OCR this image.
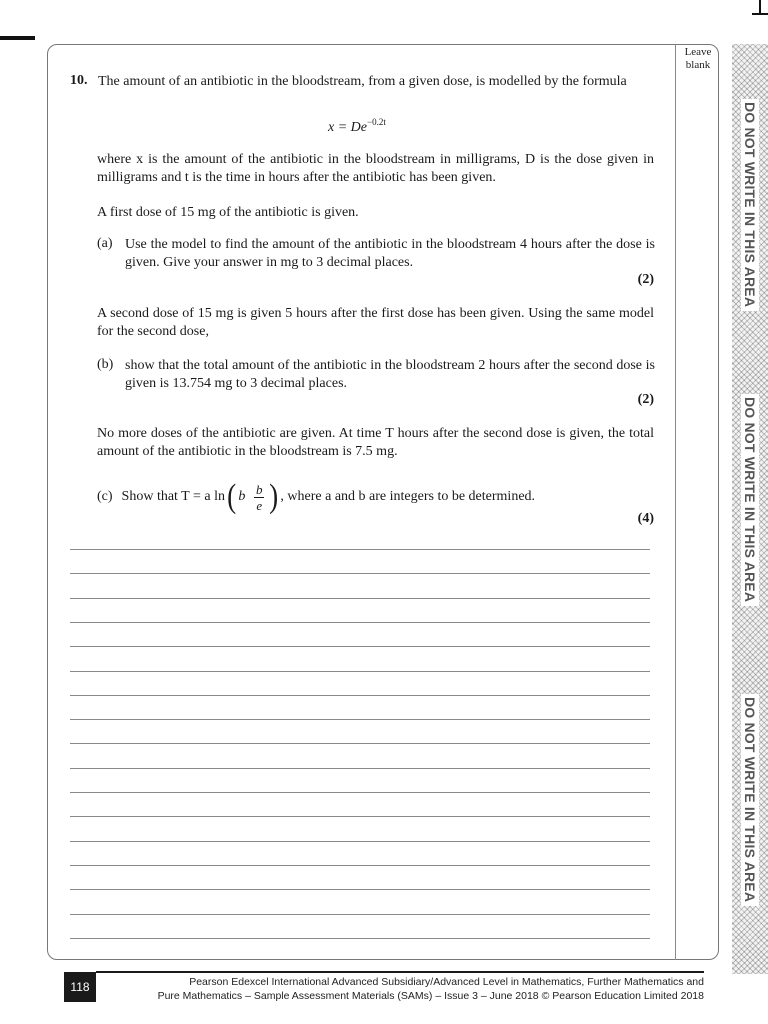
Leave
blank
DO NOT WRITE IN THIS AREA
DO NOT WRITE IN THIS AREA
DO NOT WRITE IN THIS AREA
10. The amount of an antibiotic in the bloodstream, from a given dose, is modelled by the formula
$x = De^{-0.2t}$
where x is the amount of the antibiotic in the bloodstream in milligrams, D is the dose given in milligrams and t is the time in hours after the antibiotic has been given.
A first dose of 15 mg of the antibiotic is given.
(a) Use the model to find the amount of the antibiotic in the bloodstream 4 hours after the dose is given. Give your answer in mg to 3 decimal places.
(2)
A second dose of 15 mg is given 5 hours after the first dose has been given. Using the same model for the second dose,
(b) show that the total amount of the antibiotic in the bloodstream 2 hours after the second dose is given is 13.754 mg to 3 decimal places.
(2)
No more doses of the antibiotic are given. At time T hours after the second dose is given, the total amount of the antibiotic in the bloodstream is 7.5 mg.
(c) Show that T = a ln ( b $\frac{b}{e}$ ) , where a and b are integers to be determined.
(4)
118	Pearson Edexcel International Advanced Subsidiary/Advanced Level in Mathematics, Further Mathematics and
Pure Mathematics – Sample Assessment Materials (SAMs) – Issue 3 – June 2018 © Pearson Education Limited 2018
